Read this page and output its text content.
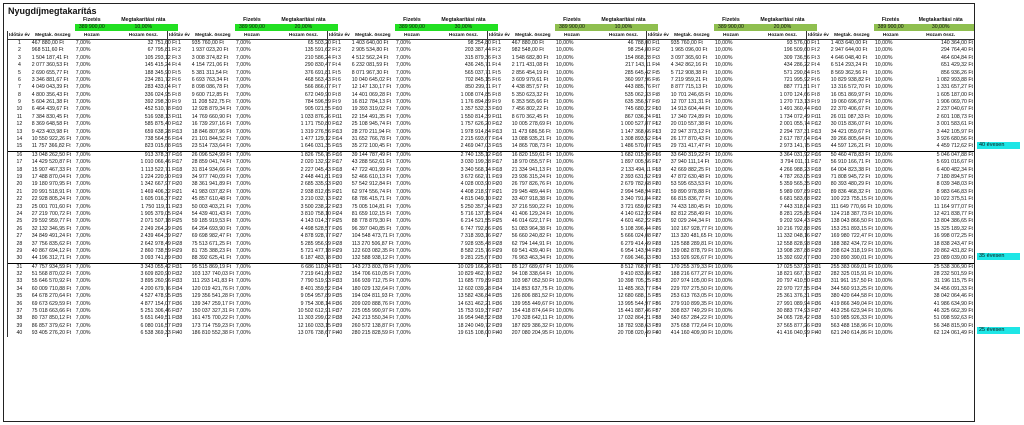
Nyugdíjmegtakarítás
		Fizetés	Megtakarítási ráta
		389 900,00	10,00%
Időtáv év	Megtak. összeg	Hozam	Hozam össz.
1	467 880,00 Ft	7,00%	32 751,60 Ft
2	968 511,60 Ft	7,00%	67 795,81 Ft
3	1 504 187,41 Ft	7,00%	105 293,12 Ft
4	2 077 360,53 Ft	7,00%	145 415,24 Ft
5	2 690 655,77 Ft	7,00%	188 345,90 Ft
6	3 346 881,67 Ft	7,00%	234 281,72 Ft
7	4 049 043,39 Ft	7,00%	283 433,04 Ft
8	4 800 356,43 Ft	7,00%	336 024,95 Ft
9	5 604 261,38 Ft	7,00%	392 298,30 Ft
10	6 464 439,67 Ft	7,00%	452 510,78 Ft
11	7 384 830,45 Ft	7,00%	516 938,13 Ft
12	8 369 648,58 Ft	7,00%	585 875,40 Ft
13	9 423 403,98 Ft	7,00%	659 638,28 Ft
14	10 550 922,26 Ft	7,00%	738 564,56 Ft
15	11 757 366,82 Ft	7,00%	823 015,68 Ft
16	13 048 262,50 Ft	7,00%	913 378,37 Ft
17	14 429 520,87 Ft	7,00%	1 010 066,46 Ft
18	15 907 467,33 Ft	7,00%	1 113 522,71 Ft
19	17 488 870,04 Ft	7,00%	1 224 220,90 Ft
20	19 180 970,95 Ft	7,00%	1 342 667,97 Ft
21	20 991 518,91 Ft	7,00%	1 469 406,32 Ft
22	22 928 805,24 Ft	7,00%	1 605 016,37 Ft
23	25 001 701,60 Ft	7,00%	1 750 119,11 Ft
24	27 219 700,72 Ft	7,00%	1 905 379,05 Ft
25	29 592 959,77 Ft	7,00%	2 071 507,18 Ft
26	32 132 346,95 Ft	7,00%	2 249 264,29 Ft
27	34 849 491,24 Ft	7,00%	2 439 464,39 Ft
28	37 756 835,62 Ft	7,00%	2 642 978,49 Ft
29	40 867 694,12 Ft	7,00%	2 860 738,59 Ft
30	44 196 312,71 Ft	7,00%	3 093 741,89 Ft
31	47 757 934,59 Ft	7,00%	3 343 055,42 Ft
32	51 568 870,02 Ft	7,00%	3 609 820,90 Ft
33	55 646 570,92 Ft	7,00%	3 895 260,96 Ft
34	60 009 710,88 Ft	7,00%	4 200 679,76 Ft
35	64 678 270,64 Ft	7,00%	4 527 478,95 Ft
36	69 673 629,59 Ft	7,00%	4 877 154,07 Ft
37	75 018 663,66 Ft	7,00%	5 251 306,46 Ft
38	80 737 850,12 Ft	7,00%	5 651 649,51 Ft
39	86 857 379,62 Ft	7,00%	6 080 016,57 Ft
40	93 405 276,20 Ft	7,00%	6 538 369,33 Ft
		Fizetés	Megtakarítási ráta
		389 900,00	20,00%
Időtáv év	Megtak. összeg	Hozam	Hozam össz.
1	935 760,00 Ft	7,00%	65 503,20 Ft
2	1 937 023,20 Ft	7,00%	135 591,62 Ft
3	3 008 374,82 Ft	7,00%	210 586,24 Ft
4	4 154 721,06 Ft	7,00%	290 830,47 Ft
5	5 381 311,54 Ft	7,00%	376 691,81 Ft
6	6 693 763,34 Ft	7,00%	468 563,43 Ft
7	8 098 086,78 Ft	7,00%	566 866,07 Ft
8	9 600 712,85 Ft	7,00%	672 049,90 Ft
9	11 208 522,75 Ft	7,00%	784 596,59 Ft
10	12 928 879,34 Ft	7,00%	905 021,55 Ft
11	14 769 660,90 Ft	7,00%	1 033 876,26 Ft
12	16 739 297,16 Ft	7,00%	1 171 750,80 Ft
13	18 846 807,96 Ft	7,00%	1 319 276,56 Ft
14	21 101 844,52 Ft	7,00%	1 477 129,12 Ft
15	23 514 733,64 Ft	7,00%	1 646 031,35 Ft
16	26 096 524,99 Ft	7,00%	1 826 756,75 Ft
17	28 859 041,74 Ft	7,00%	2 020 132,92 Ft
18	31 814 934,66 Ft	7,00%	2 227 045,43 Ft
19	34 977 740,09 Ft	7,00%	2 448 441,81 Ft
20	38 361 941,89 Ft	7,00%	2 685 335,93 Ft
21	41 983 037,82 Ft	7,00%	2 938 812,65 Ft
22	45 857 610,48 Ft	7,00%	3 210 032,73 Ft
23	50 003 403,21 Ft	7,00%	3 500 238,22 Ft
24	54 439 401,43 Ft	7,00%	3 810 758,10 Ft
25	59 185 919,53 Ft	7,00%	4 143 014,37 Ft
26	64 264 693,90 Ft	7,00%	4 498 528,57 Ft
27	69 698 982,47 Ft	7,00%	4 878 928,77 Ft
28	75 513 671,25 Ft	7,00%	5 285 956,99 Ft
29	81 735 388,23 Ft	7,00%	5 721 477,18 Ft
30	88 392 625,41 Ft	7,00%	6 187 483,78 Ft
31	95 515 869,19 Ft	7,00%	6 686 110,84 Ft
32	103 137 740,03 Ft	7,00%	7 219 641,80 Ft
33	111 293 141,83 Ft	7,00%	7 790 519,93 Ft
34	120 019 421,76 Ft	7,00%	8 401 359,52 Ft
35	129 356 541,28 Ft	7,00%	9 054 957,89 Ft
36	139 347 259,17 Ft	7,00%	9 754 308,14 Ft
37	150 037 327,31 Ft	7,00%	10 502 612,91 Ft
38	161 475 700,22 Ft	7,00%	11 303 299,02 Ft
39	173 714 759,23 Ft	7,00%	12 160 033,15 Ft
40	186 810 552,38 Ft	7,00%	13 076 738,67 Ft
		Fizetés	Megtakarítási ráta
		389 900,00	30,00%
Időtáv év	Megtak. összeg	Hozam	Hozam össz.
1	1 403 640,00 Ft	7,00%	98 254,80 Ft
2	2 905 534,80 Ft	7,00%	203 387,44 Ft
3	4 512 562,24 Ft	7,00%	315 879,36 Ft
4	6 232 081,59 Ft	7,00%	436 245,71 Ft
5	8 071 967,30 Ft	7,00%	565 037,71 Ft
6	10 040 645,02 Ft	7,00%	702 845,15 Ft
7	12 147 130,17 Ft	7,00%	850 299,11 Ft
8	14 401 069,28 Ft	7,00%	1 008 074,85 Ft
9	16 812 784,13 Ft	7,00%	1 176 894,89 Ft
10	19 393 319,02 Ft	7,00%	1 357 532,33 Ft
11	22 154 491,35 Ft	7,00%	1 550 814,39 Ft
12	25 108 945,74 Ft	7,00%	1 757 626,20 Ft
13	28 270 211,94 Ft	7,00%	1 978 914,84 Ft
14	31 652 766,78 Ft	7,00%	2 215 693,67 Ft
15	35 272 100,45 Ft	7,00%	2 469 047,03 Ft
16	39 144 787,49 Ft	7,00%	2 740 135,12 Ft
17	43 288 562,61 Ft	7,00%	3 030 199,38 Ft
18	47 722 401,99 Ft	7,00%	3 340 568,14 Ft
19	52 466 610,13 Ft	7,00%	3 672 662,71 Ft
20	57 542 912,84 Ft	7,00%	4 028 003,90 Ft
21	62 974 556,74 Ft	7,00%	4 408 218,97 Ft
22	68 786 415,71 Ft	7,00%	4 815 049,10 Ft
23	75 005 104,81 Ft	7,00%	5 250 357,34 Ft
24	81 659 102,15 Ft	7,00%	5 716 137,15 Ft
25	88 778 879,30 Ft	7,00%	6 214 521,55 Ft
26	96 397 040,85 Ft	7,00%	6 747 792,86 Ft
27	104 548 473,71 Ft	7,00%	7 318 393,16 Ft
28	113 270 506,87 Ft	7,00%	7 928 935,48 Ft
29	122 603 082,35 Ft	7,00%	8 582 215,76 Ft
30	132 588 938,12 Ft	7,00%	9 281 225,67 Ft
31	143 273 803,78 Ft	7,00%	10 029 166,26 Ft
32	154 706 610,05 Ft	7,00%	10 829 462,70 Ft
33	166 939 712,75 Ft	7,00%	11 685 779,89 Ft
34	180 029 132,64 Ft	7,00%	12 602 039,28 Ft
35	194 034 811,93 Ft	7,00%	13 582 436,84 Ft
36	209 020 888,76 Ft	7,00%	14 631 462,21 Ft
37	225 055 990,97 Ft	7,00%	15 753 919,37 Ft
38	242 213 550,34 Ft	7,00%	16 954 948,52 Ft
39	260 572 138,87 Ft	7,00%	18 240 049,72 Ft
40	280 215 828,59 Ft	7,00%	19 615 108,00 Ft
		Fizetés	Megtakarítási ráta
		389 900,00	10,00%
Időtáv év	Megtak. összeg	Hozam	Hozam össz.
1	467 880,00 Ft	10,00%	46 788,00 Ft
2	982 548,00 Ft	10,00%	98 254,80 Ft
3	1 548 682,80 Ft	10,00%	154 868,28 Ft
4	2 171 431,08 Ft	10,00%	217 143,11 Ft
5	2 856 454,19 Ft	10,00%	285 645,42 Ft
6	3 609 979,61 Ft	10,00%	360 997,96 Ft
7	4 438 857,57 Ft	10,00%	443 885,76 Ft
8	5 350 623,32 Ft	10,00%	535 062,33 Ft
9	6 353 565,66 Ft	10,00%	635 356,57 Ft
10	7 456 802,22 Ft	10,00%	745 680,22 Ft
11	8 670 362,45 Ft	10,00%	867 036,24 Ft
12	10 005 278,69 Ft	10,00%	1 000 527,87 Ft
13	11 473 686,56 Ft	10,00%	1 147 368,66 Ft
14	13 088 935,21 Ft	10,00%	1 308 893,52 Ft
15	14 865 708,73 Ft	10,00%	1 486 570,87 Ft
16	16 820 159,61 Ft	10,00%	1 682 015,96 Ft
17	18 970 055,57 Ft	10,00%	1 897 005,56 Ft
18	21 334 941,13 Ft	10,00%	2 133 494,11 Ft
19	23 936 315,24 Ft	10,00%	2 393 631,52 Ft
20	26 797 826,76 Ft	10,00%	2 679 782,68 Ft
21	29 945 489,44 Ft	10,00%	2 994 548,94 Ft
22	33 407 918,38 Ft	10,00%	3 340 791,84 Ft
23	37 216 590,22 Ft	10,00%	3 721 659,02 Ft
24	41 406 129,24 Ft	10,00%	4 140 612,92 Ft
25	46 014 622,17 Ft	10,00%	4 601 462,22 Ft
26	51 083 964,38 Ft	10,00%	5 108 396,44 Ft
27	56 660 240,82 Ft	10,00%	5 666 024,08 Ft
28	62 794 144,91 Ft	10,00%	6 279 414,49 Ft
29	69 541 439,40 Ft	10,00%	6 954 143,94 Ft
30	76 963 463,34 Ft	10,00%	7 696 346,33 Ft
31	85 127 689,67 Ft	10,00%	8 512 768,97 Ft
32	94 108 338,64 Ft	10,00%	9 410 833,86 Ft
33	103 987 052,50 Ft	10,00%	10 398 705,25 Ft
34	114 853 637,75 Ft	10,00%	11 485 363,77 Ft
35	126 806 881,52 Ft	10,00%	12 680 688,15 Ft
36	139 955 449,67 Ft	10,00%	13 995 544,97 Ft
37	154 418 874,64 Ft	10,00%	15 441 887,46 Ft
38	170 328 642,11 Ft	10,00%	17 032 864,21 Ft
39	187 829 386,32 Ft	10,00%	18 782 938,63 Ft
40	207 080 204,95 Ft	10,00%	20 708 020,49 Ft
		Fizetés	Megtakarítási ráta
		389 900,00	20,00%
Időtáv év	Megtak. összeg	Hozam	Hozam össz.
1	935 760,00 Ft	10,00%	93 576,00 Ft
2	1 965 096,00 Ft	10,00%	196 509,60 Ft
3	3 097 365,60 Ft	10,00%	309 736,56 Ft
4	4 342 862,16 Ft	10,00%	434 286,22 Ft
5	5 712 908,38 Ft	10,00%	571 290,84 Ft
6	7 219 959,21 Ft	10,00%	721 995,92 Ft
7	8 877 715,13 Ft	10,00%	887 771,51 Ft
8	10 701 246,65 Ft	10,00%	1 070 124,66 Ft
9	12 707 131,31 Ft	10,00%	1 270 713,13 Ft
10	14 913 604,44 Ft	10,00%	1 491 360,44 Ft
11	17 340 724,89 Ft	10,00%	1 734 072,49 Ft
12	20 010 557,38 Ft	10,00%	2 001 055,74 Ft
13	22 947 373,12 Ft	10,00%	2 294 737,31 Ft
14	26 177 870,43 Ft	10,00%	2 617 787,04 Ft
15	29 731 417,47 Ft	10,00%	2 973 141,75 Ft
16	33 640 319,22 Ft	10,00%	3 364 031,92 Ft
17	37 940 111,14 Ft	10,00%	3 794 011,11 Ft
18	42 669 882,25 Ft	10,00%	4 266 988,23 Ft
19	47 872 630,48 Ft	10,00%	4 787 263,05 Ft
20	53 595 653,53 Ft	10,00%	5 359 565,35 Ft
21	59 890 978,88 Ft	10,00%	5 989 097,89 Ft
22	66 815 836,77 Ft	10,00%	6 681 583,68 Ft
23	74 433 180,45 Ft	10,00%	7 443 318,04 Ft
24	82 812 258,49 Ft	10,00%	8 281 225,85 Ft
25	92 029 244,34 Ft	10,00%	9 202 924,43 Ft
26	102 167 928,77 Ft	10,00%	10 216 792,88 Ft
27	113 320 481,65 Ft	10,00%	11 332 048,16 Ft
28	125 588 289,81 Ft	10,00%	12 558 828,98 Ft
29	139 082 878,79 Ft	10,00%	13 908 287,88 Ft
30	153 926 926,67 Ft	10,00%	15 392 692,67 Ft
31	170 255 379,33 Ft	10,00%	17 025 537,93 Ft
32	188 216 677,27 Ft	10,00%	18 821 667,73 Ft
33	207 974 105,00 Ft	10,00%	20 797 410,50 Ft
34	229 707 275,50 Ft	10,00%	22 970 727,55 Ft
35	253 613 763,05 Ft	10,00%	25 361 376,31 Ft
36	279 910 899,35 Ft	10,00%	27 991 089,94 Ft
37	308 837 749,29 Ft	10,00%	30 883 774,93 Ft
38	340 657 284,22 Ft	10,00%	34 065 728,42 Ft
39	375 658 772,64 Ft	10,00%	37 565 877,26 Ft
40	414 160 409,90 Ft	10,00%	41 416 040,99 Ft
		Fizetés	Megtakarítási ráta
		389 900,00	30,00%
Időtáv év	Megtak. összeg	Hozam	Hozam össz.
1	1 403 640,00 Ft	10,00%	140 364,00 Ft
2	2 947 644,00 Ft	10,00%	294 764,40 Ft
3	4 646 048,40 Ft	10,00%	464 604,84 Ft
4	6 514 293,24 Ft	10,00%	651 429,32 Ft
5	8 569 362,56 Ft	10,00%	856 936,26 Ft
6	10 829 938,82 Ft	10,00%	1 082 993,88 Ft
7	13 316 572,70 Ft	10,00%	1 331 657,27 Ft
8	16 051 869,97 Ft	10,00%	1 605 187,00 Ft
9	19 060 696,97 Ft	10,00%	1 906 069,70 Ft
10	22 370 406,67 Ft	10,00%	2 237 040,67 Ft
11	26 011 087,33 Ft	10,00%	2 601 108,73 Ft
12	30 015 836,07 Ft	10,00%	3 001 583,61 Ft
13	34 421 059,67 Ft	10,00%	3 442 105,97 Ft
14	39 266 805,64 Ft	10,00%	3 926 680,56 Ft
15	44 597 126,21 Ft	10,00%	4 459 712,62 Ft
16	50 460 478,83 Ft	10,00%	5 046 047,88 Ft
17	56 910 166,71 Ft	10,00%	5 691 016,67 Ft
18	64 004 823,38 Ft	10,00%	6 400 482,34 Ft
19	71 808 945,72 Ft	10,00%	7 180 894,57 Ft
20	80 393 480,29 Ft	10,00%	8 039 348,03 Ft
21	89 836 468,32 Ft	10,00%	8 983 646,83 Ft
22	100 223 755,15 Ft	10,00%	10 022 375,51 Ft
23	111 649 770,66 Ft	10,00%	11 164 977,07 Ft
24	124 218 387,73 Ft	10,00%	12 421 838,77 Ft
25	138 043 866,50 Ft	10,00%	13 804 386,65 Ft
26	153 251 893,15 Ft	10,00%	15 325 189,32 Ft
27	169 980 722,47 Ft	10,00%	16 998 072,25 Ft
28	188 382 434,72 Ft	10,00%	18 838 243,47 Ft
29	208 624 318,19 Ft	10,00%	20 862 431,82 Ft
30	230 890 390,01 Ft	10,00%	23 089 039,00 Ft
31	255 383 069,01 Ft	10,00%	25 538 306,90 Ft
32	282 325 015,91 Ft	10,00%	28 232 501,59 Ft
33	311 961 157,50 Ft	10,00%	31 196 115,75 Ft
34	344 560 913,25 Ft	10,00%	34 456 091,33 Ft
35	380 420 644,58 Ft	10,00%	38 042 064,46 Ft
36	419 866 349,04 Ft	10,00%	41 986 634,90 Ft
37	463 256 623,94 Ft	10,00%	46 325 662,39 Ft
38	510 985 926,33 Ft	10,00%	51 098 592,63 Ft
39	563 488 158,96 Ft	10,00%	56 348 815,90 Ft
40	621 240 614,86 Ft	10,00%	62 124 061,49 Ft
40 évesen
35 évesen
25 évesen
